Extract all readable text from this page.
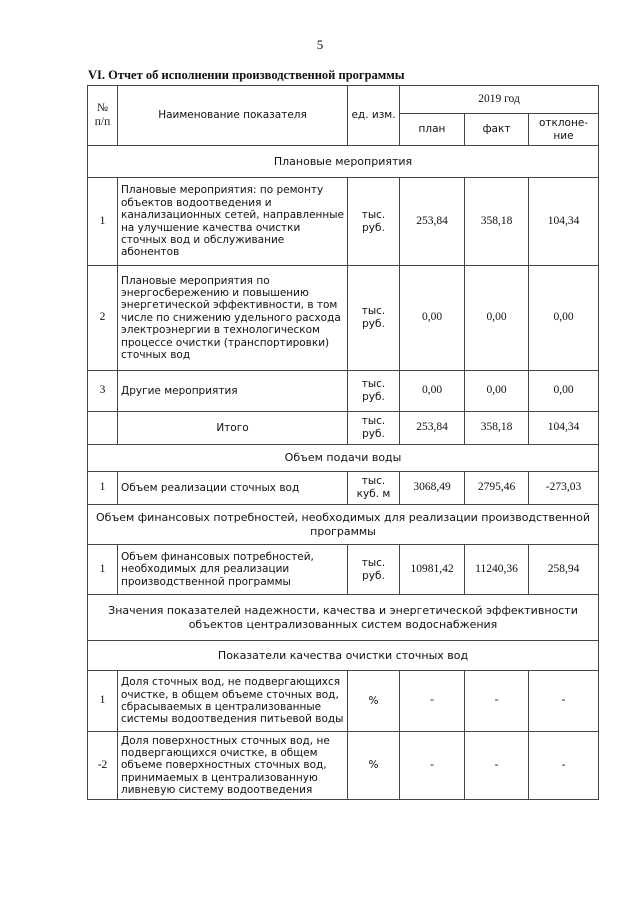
5
VI. Отчет об исполнении производственной программы
№ п/п	Наименование показателя	ед. изм.	2019 год		
			план	факт	отклоне-ние
Плановые мероприятия					
1	Плановые мероприятия: по ремонту объектов водоотведения и канализационных сетей, направленные на улучшение качества очистки сточных вод и обслуживание абонентов	тыс. руб.	253,84	358,18	104,34
2	Плановые мероприятия по энергосбережению и повышению энергетической эффективности, в том числе по снижению удельного расхода электроэнергии в технологическом процессе очистки (транспортировки) сточных вод	тыс. руб.	0,00	0,00	0,00
3	Другие мероприятия	тыс. руб.	0,00	0,00	0,00
	Итого	тыс. руб.	253,84	358,18	104,34
Объем подачи воды					
1	Объем реализации сточных вод	тыс. куб. м	3068,49	2795,46	-273,03
Объем финансовых потребностей, необходимых для реализации производственной программы					
1	Объем финансовых потребностей, необходимых для реализации производственной программы	тыс. руб.	10981,42	11240,36	258,94
Значения показателей надежности, качества и энергетической эффективности объектов централизованных систем водоснабжения					
Показатели качества очистки сточных вод					
1	Доля сточных вод, не подвергающихся очистке, в общем объеме сточных вод, сбрасываемых в централизованные системы водоотведения питьевой воды	%	-	-	-
-2	Доля поверхностных сточных вод, не подвергающихся очистке, в общем объеме поверхностных сточных вод, принимаемых в централизованную ливневую систему водоотведения	%	-	-	-
